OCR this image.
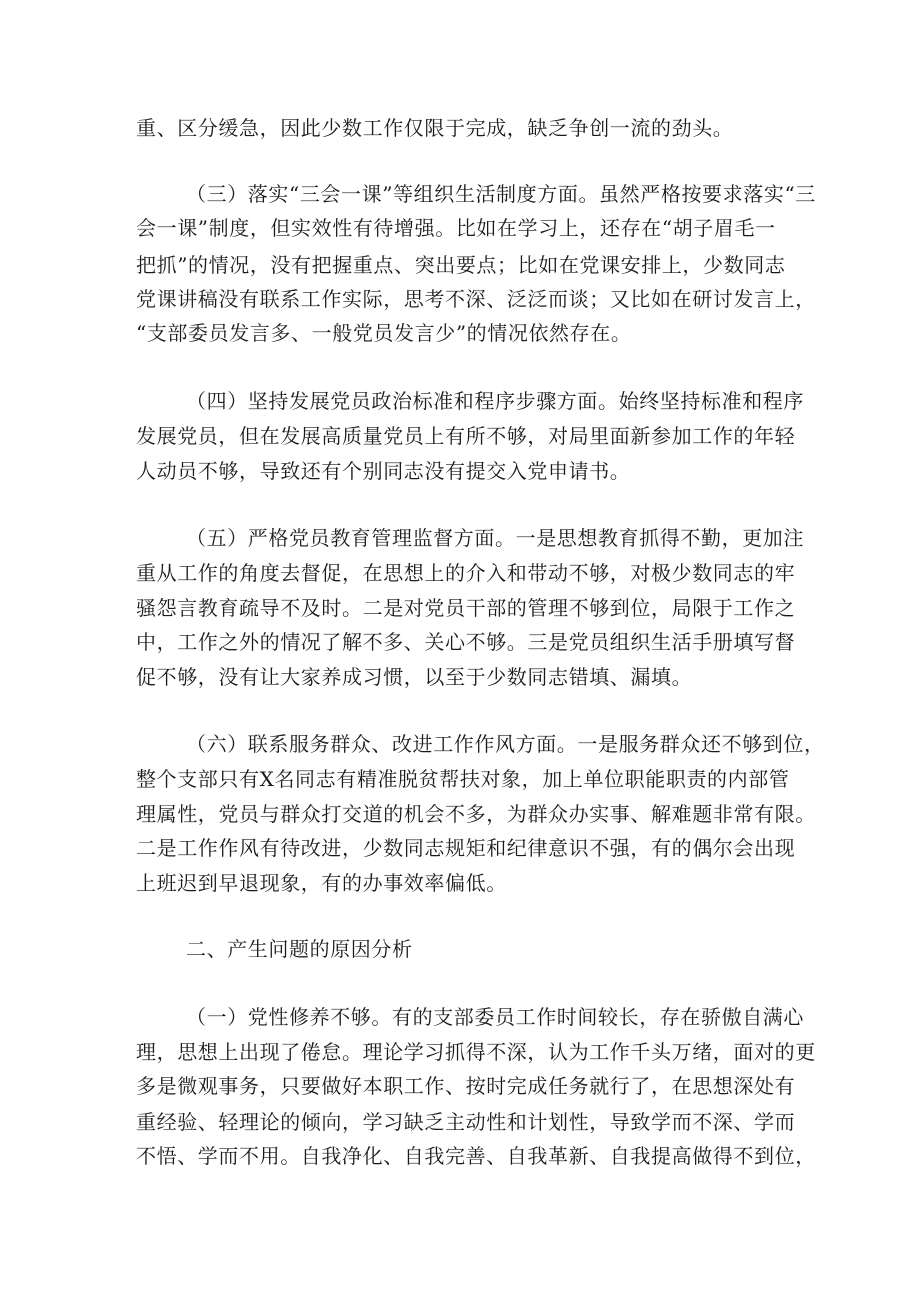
重、区分缓急，因此少数工作仅限于完成，缺乏争创一流的劲头。
（三）落实“三会一课”等组织生活制度方面。虽然严格按要求落实“三
会一课”制度，但实效性有待增强。比如在学习上，还存在“胡子眉毛一
把抓”的情况，没有把握重点、突出要点；比如在党课安排上，少数同志
党课讲稿没有联系工作实际，思考不深、泛泛而谈；又比如在研讨发言上，
“支部委员发言多、一般党员发言少”的情况依然存在。
（四）坚持发展党员政治标准和程序步骤方面。始终坚持标准和程序
发展党员，但在发展高质量党员上有所不够，对局里面新参加工作的年轻
人动员不够，导致还有个别同志没有提交入党申请书。
（五）严格党员教育管理监督方面。一是思想教育抓得不勤，更加注
重从工作的角度去督促，在思想上的介入和带动不够，对极少数同志的牢
骚怨言教育疏导不及时。二是对党员干部的管理不够到位，局限于工作之
中，工作之外的情况了解不多、关心不够。三是党员组织生活手册填写督
促不够，没有让大家养成习惯，以至于少数同志错填、漏填。
（六）联系服务群众、改进工作作风方面。一是服务群众还不够到位，
整个支部只有X名同志有精准脱贫帮扶对象，加上单位职能职责的内部管
理属性，党员与群众打交道的机会不多，为群众办实事、解难题非常有限。
二是工作作风有待改进，少数同志规矩和纪律意识不强，有的偶尔会出现
上班迟到早退现象，有的办事效率偏低。
二、产生问题的原因分析
（一）党性修养不够。有的支部委员工作时间较长，存在骄傲自满心
理，思想上出现了倦怠。理论学习抓得不深，认为工作千头万绪，面对的更
多是微观事务，只要做好本职工作、按时完成任务就行了，在思想深处有
重经验、轻理论的倾向，学习缺乏主动性和计划性，导致学而不深、学而
不悟、学而不用。自我净化、自我完善、自我革新、自我提高做得不到位，
